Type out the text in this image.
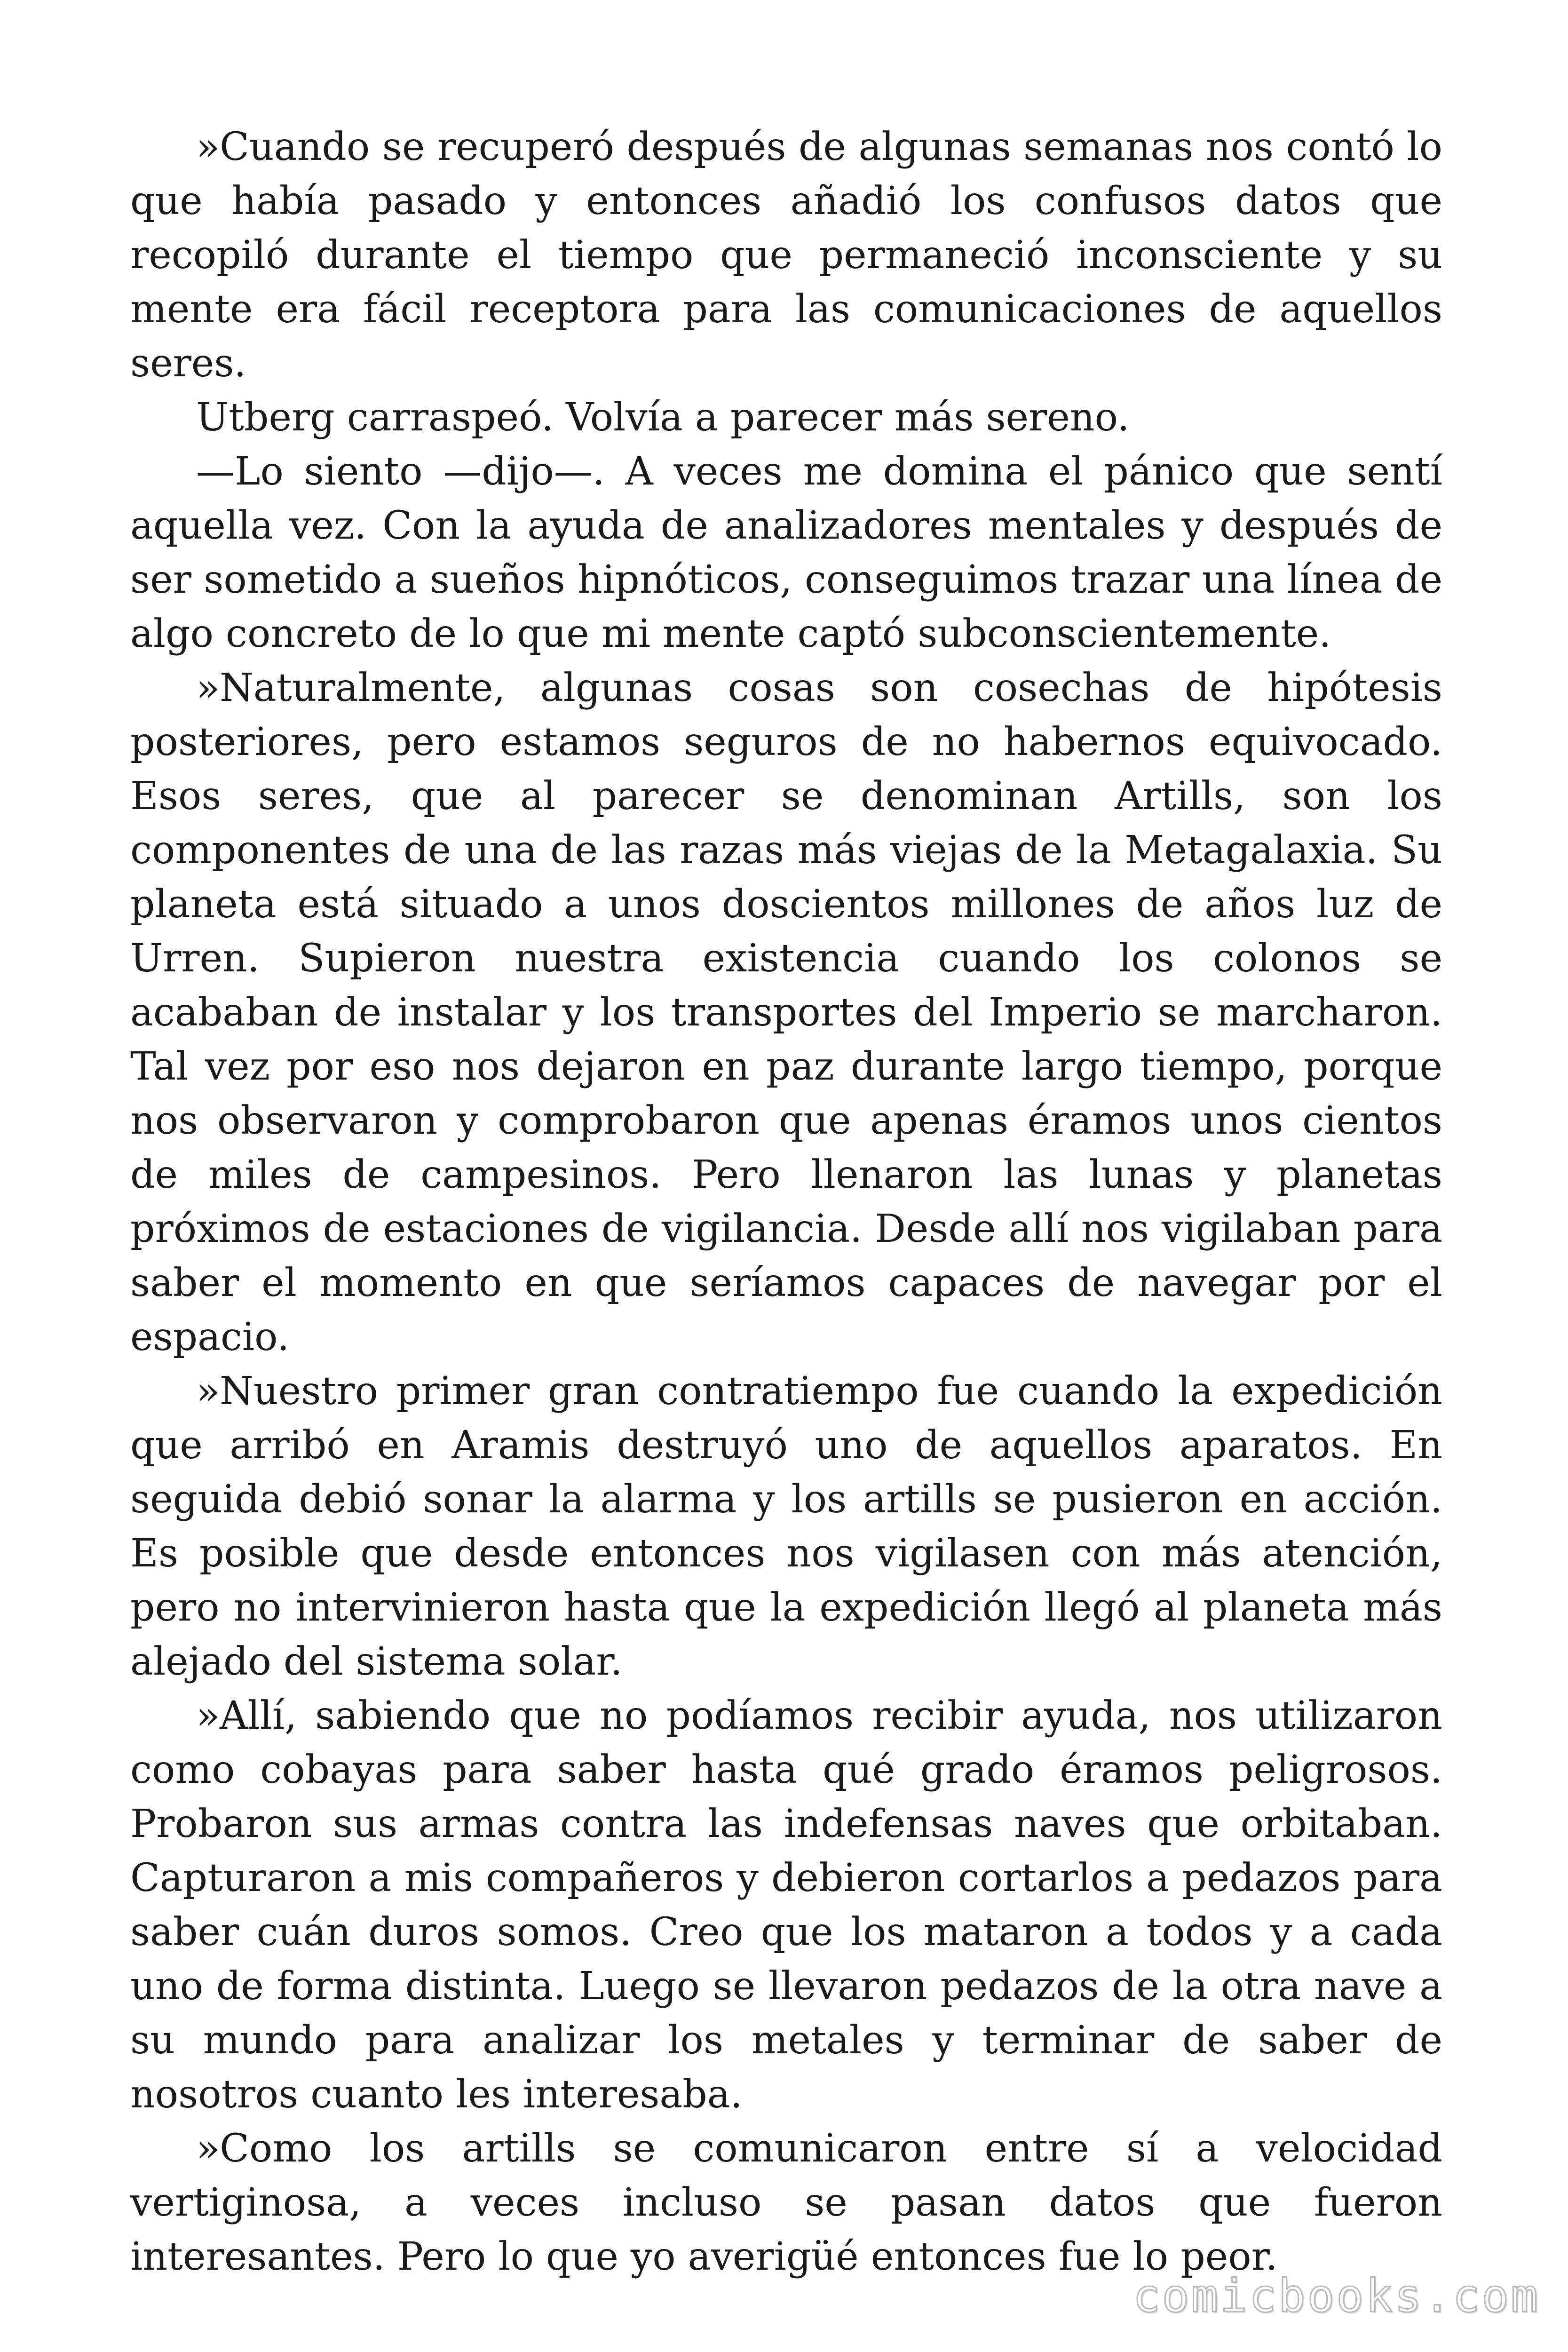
»Cuando se recuperó después de algunas semanas nos contó lo que había pasado y entonces añadió los confusos datos que recopiló durante el tiempo que permaneció inconsciente y su mente era fácil receptora para las comunicaciones de aquellos seres.

Utberg carraspeó. Volvía a parecer más sereno.

—Lo siento —dijo—. A veces me domina el pánico que sentí aquella vez. Con la ayuda de analizadores mentales y después de ser sometido a sueños hipnóticos, conseguimos trazar una línea de algo concreto de lo que mi mente captó subconscientemente.

»Naturalmente, algunas cosas son cosechas de hipótesis posteriores, pero estamos seguros de no habernos equivocado. Esos seres, que al parecer se denominan Artills, son los componentes de una de las razas más viejas de la Metagalaxia. Su planeta está situado a unos doscientos millones de años luz de Urren. Supieron nuestra existencia cuando los colonos se acababan de instalar y los transportes del Imperio se marcharon. Tal vez por eso nos dejaron en paz durante largo tiempo, porque nos observaron y comprobaron que apenas éramos unos cientos de miles de campesinos. Pero llenaron las lunas y planetas próximos de estaciones de vigilancia. Desde allí nos vigilaban para saber el momento en que seríamos capaces de navegar por el espacio.

»Nuestro primer gran contratiempo fue cuando la expedición que arribó en Aramis destruyó uno de aquellos aparatos. En seguida debió sonar la alarma y los artills se pusieron en acción. Es posible que desde entonces nos vigilasen con más atención, pero no intervinieron hasta que la expedición llegó al planeta más alejado del sistema solar.

»Allí, sabiendo que no podíamos recibir ayuda, nos utilizaron como cobayas para saber hasta qué grado éramos peligrosos. Probaron sus armas contra las indefensas naves que orbitaban. Capturaron a mis compañeros y debieron cortarlos a pedazos para saber cuán duros somos. Creo que los mataron a todos y a cada uno de forma distinta. Luego se llevaron pedazos de la otra nave a su mundo para analizar los metales y terminar de saber de nosotros cuanto les interesaba.

»Como los artills se comunicaron entre sí a velocidad vertiginosa, a veces incluso se pasan datos que fueron interesantes. Pero lo que yo averigüé entonces fue lo peor.

comicbooks.com
